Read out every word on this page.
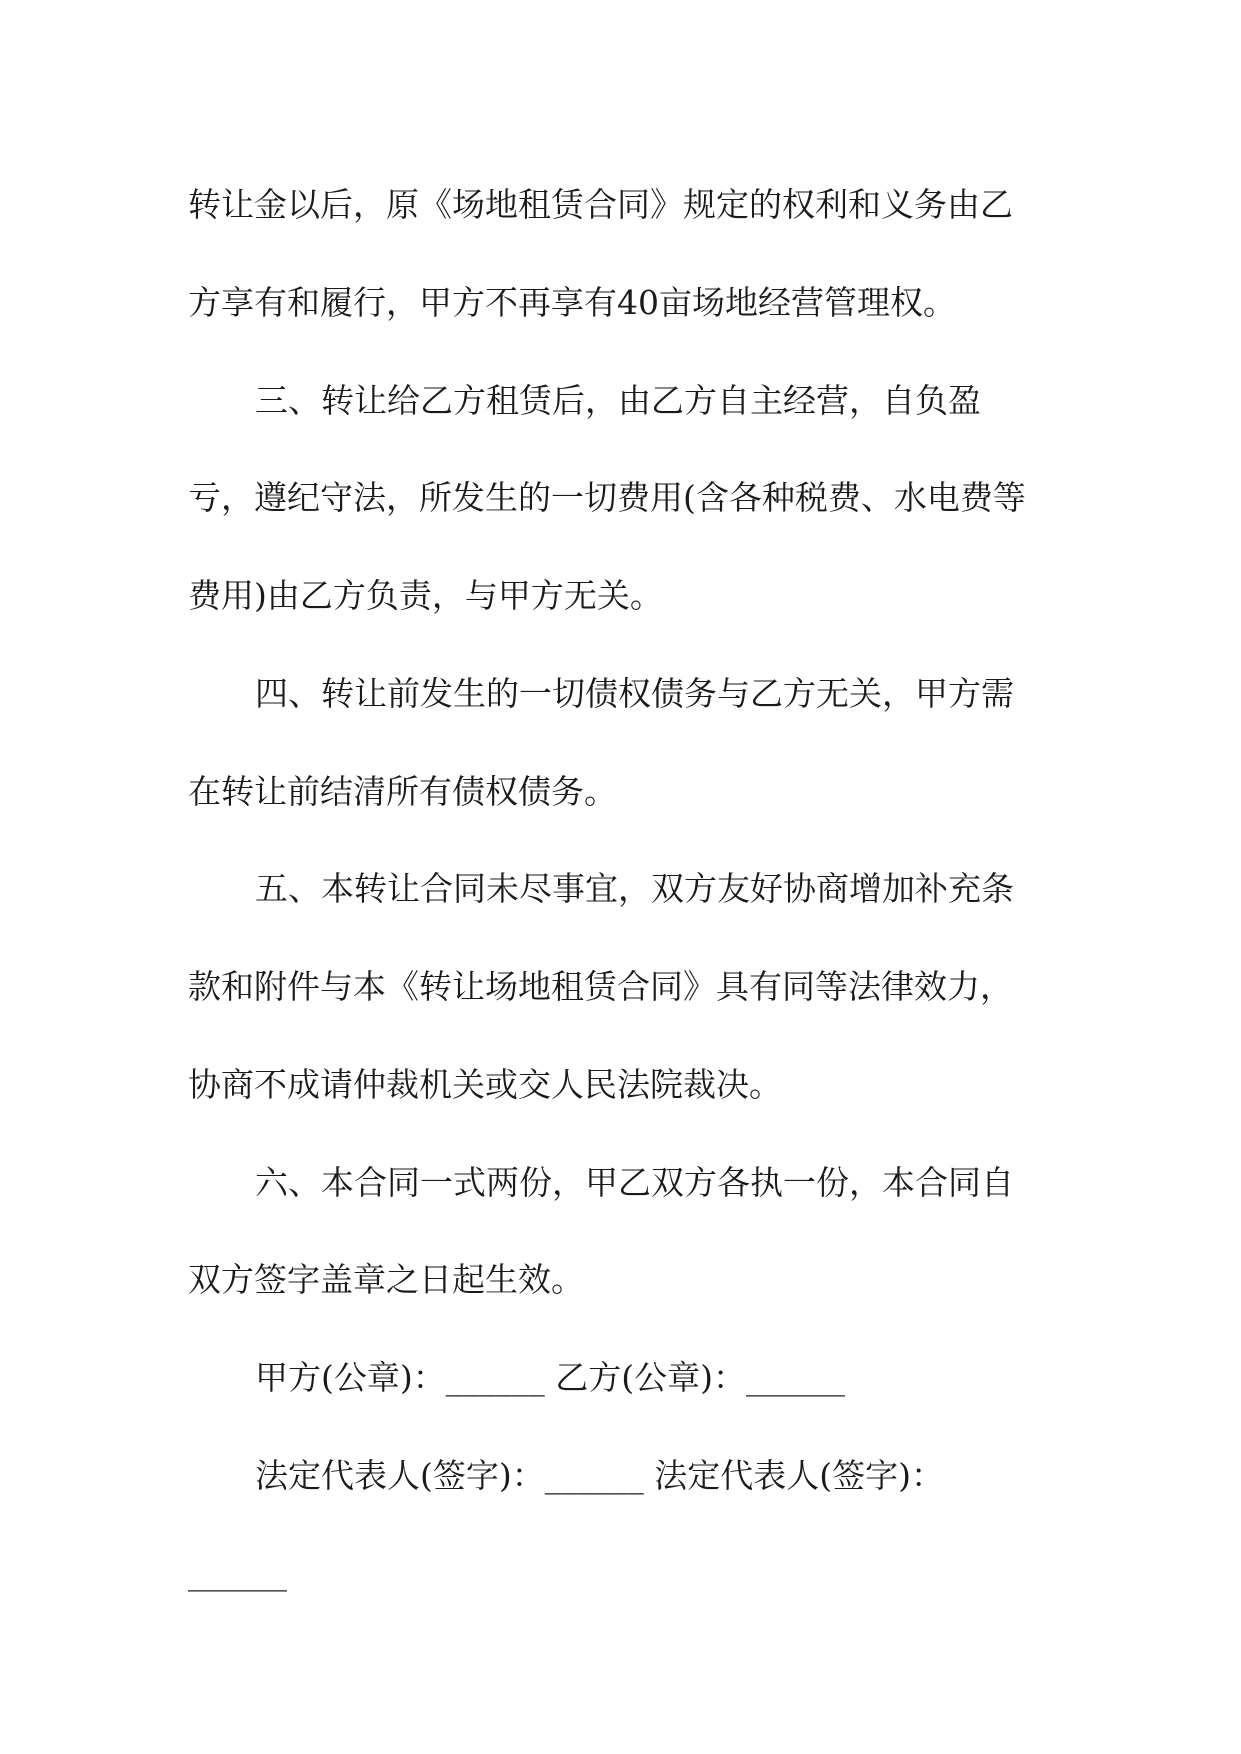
转让金以后，原《场地租赁合同》规定的权利和义务由乙
方享有和履行，甲方不再享有40亩场地经营管理权。
三、转让给乙方租赁后，由乙方自主经营，自负盈
亏，遵纪守法，所发生的一切费用(含各种税费、水电费等
费用)由乙方负责，与甲方无关。
四、转让前发生的一切债权债务与乙方无关，甲方需
在转让前结清所有债权债务。
五、本转让合同未尽事宜，双方友好协商增加补充条
款和附件与本《转让场地租赁合同》具有同等法律效力，
协商不成请仲裁机关或交人民法院裁决。
六、本合同一式两份，甲乙双方各执一份，本合同自
双方签字盖章之日起生效。
甲方(公章)：______ 乙方(公章)：______
法定代表人(签字)：______ 法定代表人(签字)：
______
